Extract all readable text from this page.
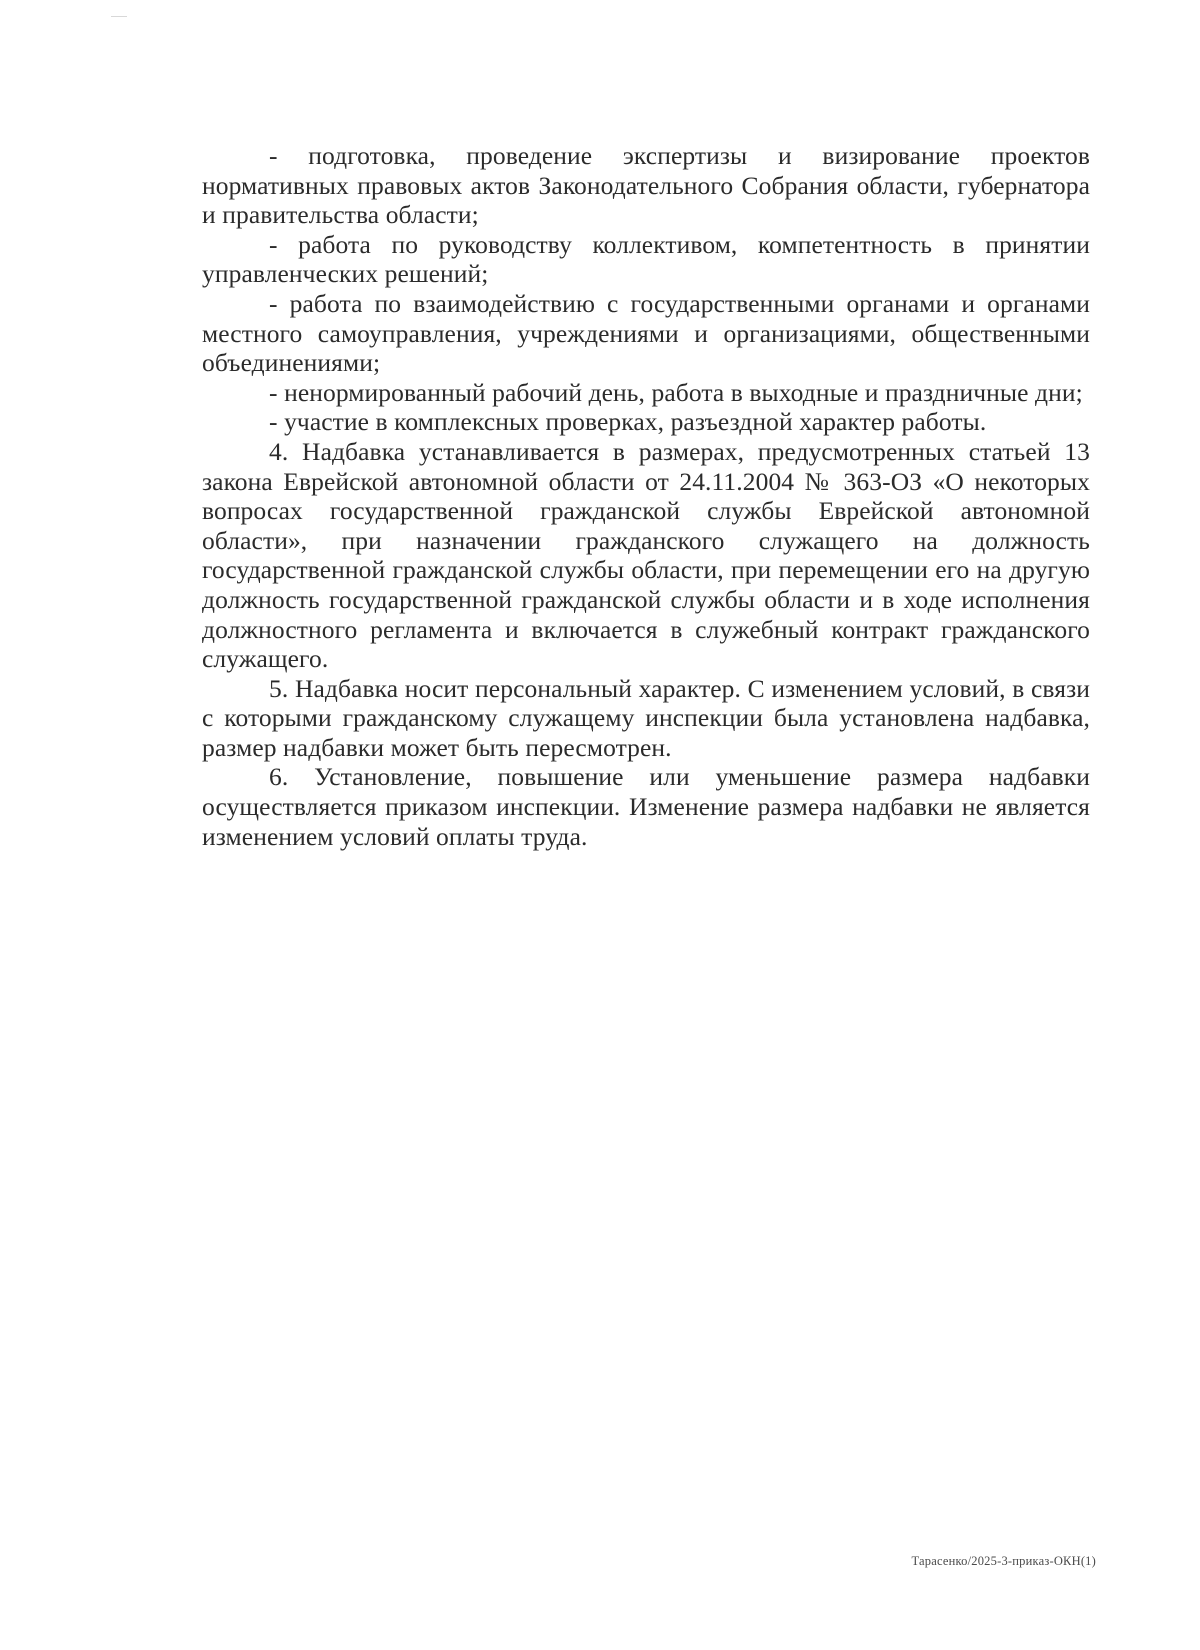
- подготовка, проведение экспертизы и визирование проектов нормативных правовых актов Законодательного Собрания области, губернатора и правительства области;

- работа по руководству коллективом, компетентность в принятии управленческих решений;

- работа по взаимодействию с государственными органами и органами местного самоуправления, учреждениями и организациями, общественными объединениями;

- ненормированный рабочий день, работа в выходные и праздничные дни;

- участие в комплексных проверках, разъездной характер работы.

4. Надбавка устанавливается в размерах, предусмотренных статьей 13 закона Еврейской автономной области от 24.11.2004 № 363-ОЗ «О некоторых вопросах государственной гражданской службы Еврейской автономной области», при назначении гражданского служащего на должность государственной гражданской службы области, при перемещении его на другую должность государственной гражданской службы области и в ходе исполнения должностного регламента и включается в служебный контракт гражданского служащего.

5. Надбавка носит персональный характер. С изменением условий, в связи с которыми гражданскому служащему инспекции была установлена надбавка, размер надбавки может быть пересмотрен.

6. Установление, повышение или уменьшение размера надбавки осуществляется приказом инспекции. Изменение размера надбавки не является изменением условий оплаты труда.

Тарасенко/2025-3-приказ-ОКН(1)
